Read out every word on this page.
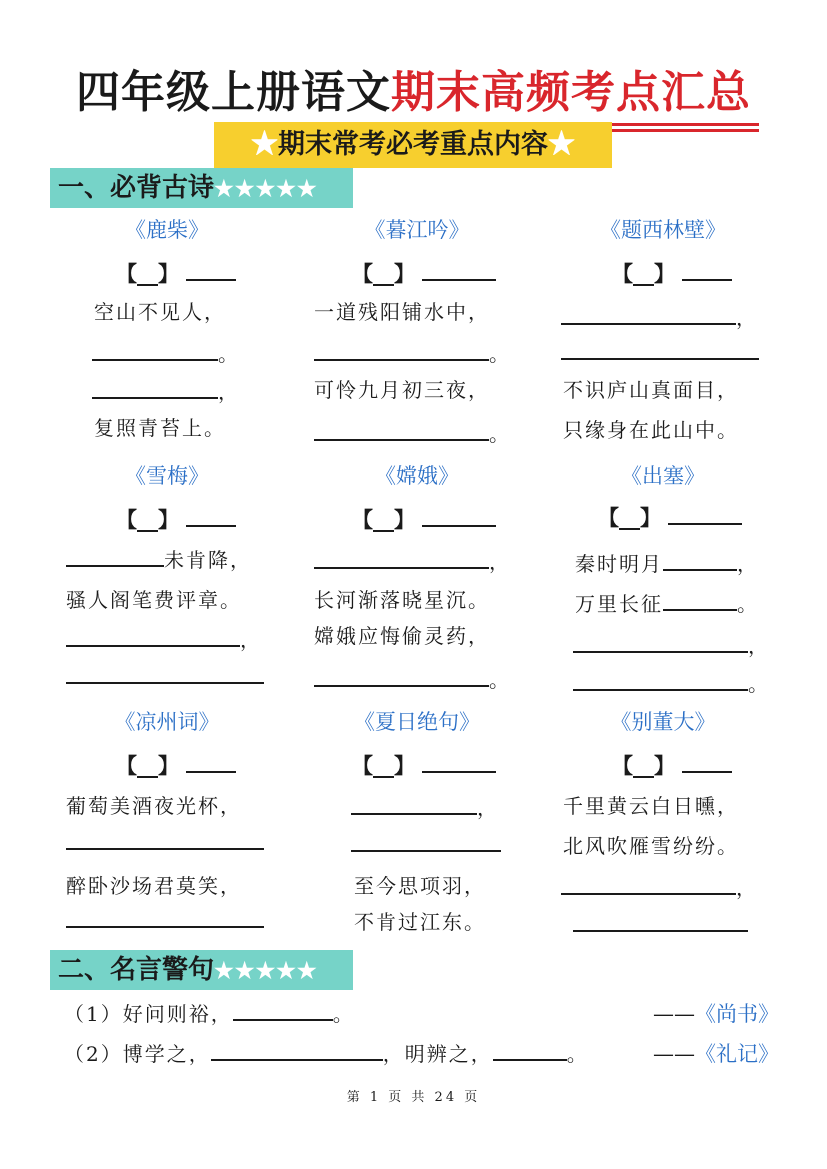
四年级上册语文期末高频考点汇总
★期末常考必考重点内容★
一、必背古诗★★★★★
《鹿柴》
【__】
空山不见人，
。
，
复照青苔上。
《暮江吟》
【__】
一道残阳铺水中，
。
可怜九月初三夜，
。
《题西林壁》
【__】
，
不识庐山真面目，
只缘身在此山中。
《雪梅》
【__】
未肯降，
骚人阁笔费评章。
，
《嫦娥》
【__】
，
长河渐落晓星沉。
嫦娥应悔偷灵药，
。
《出塞》
【__】
秦时明月	，
万里长征	。
，
。
《凉州词》
【__】
葡萄美酒夜光杯，
醉卧沙场君莫笑，
《夏日绝句》
【__】
，
至今思项羽，
不肯过江东。
《别董大》
【__】
千里黄云白日曛，
北风吹雁雪纷纷。
，
二、名言警句★★★★★
（1）好问则裕，	。	——《尚书》
（2）博学之，	，明辨之，	。	——《礼记》
第 1 页 共 24 页
